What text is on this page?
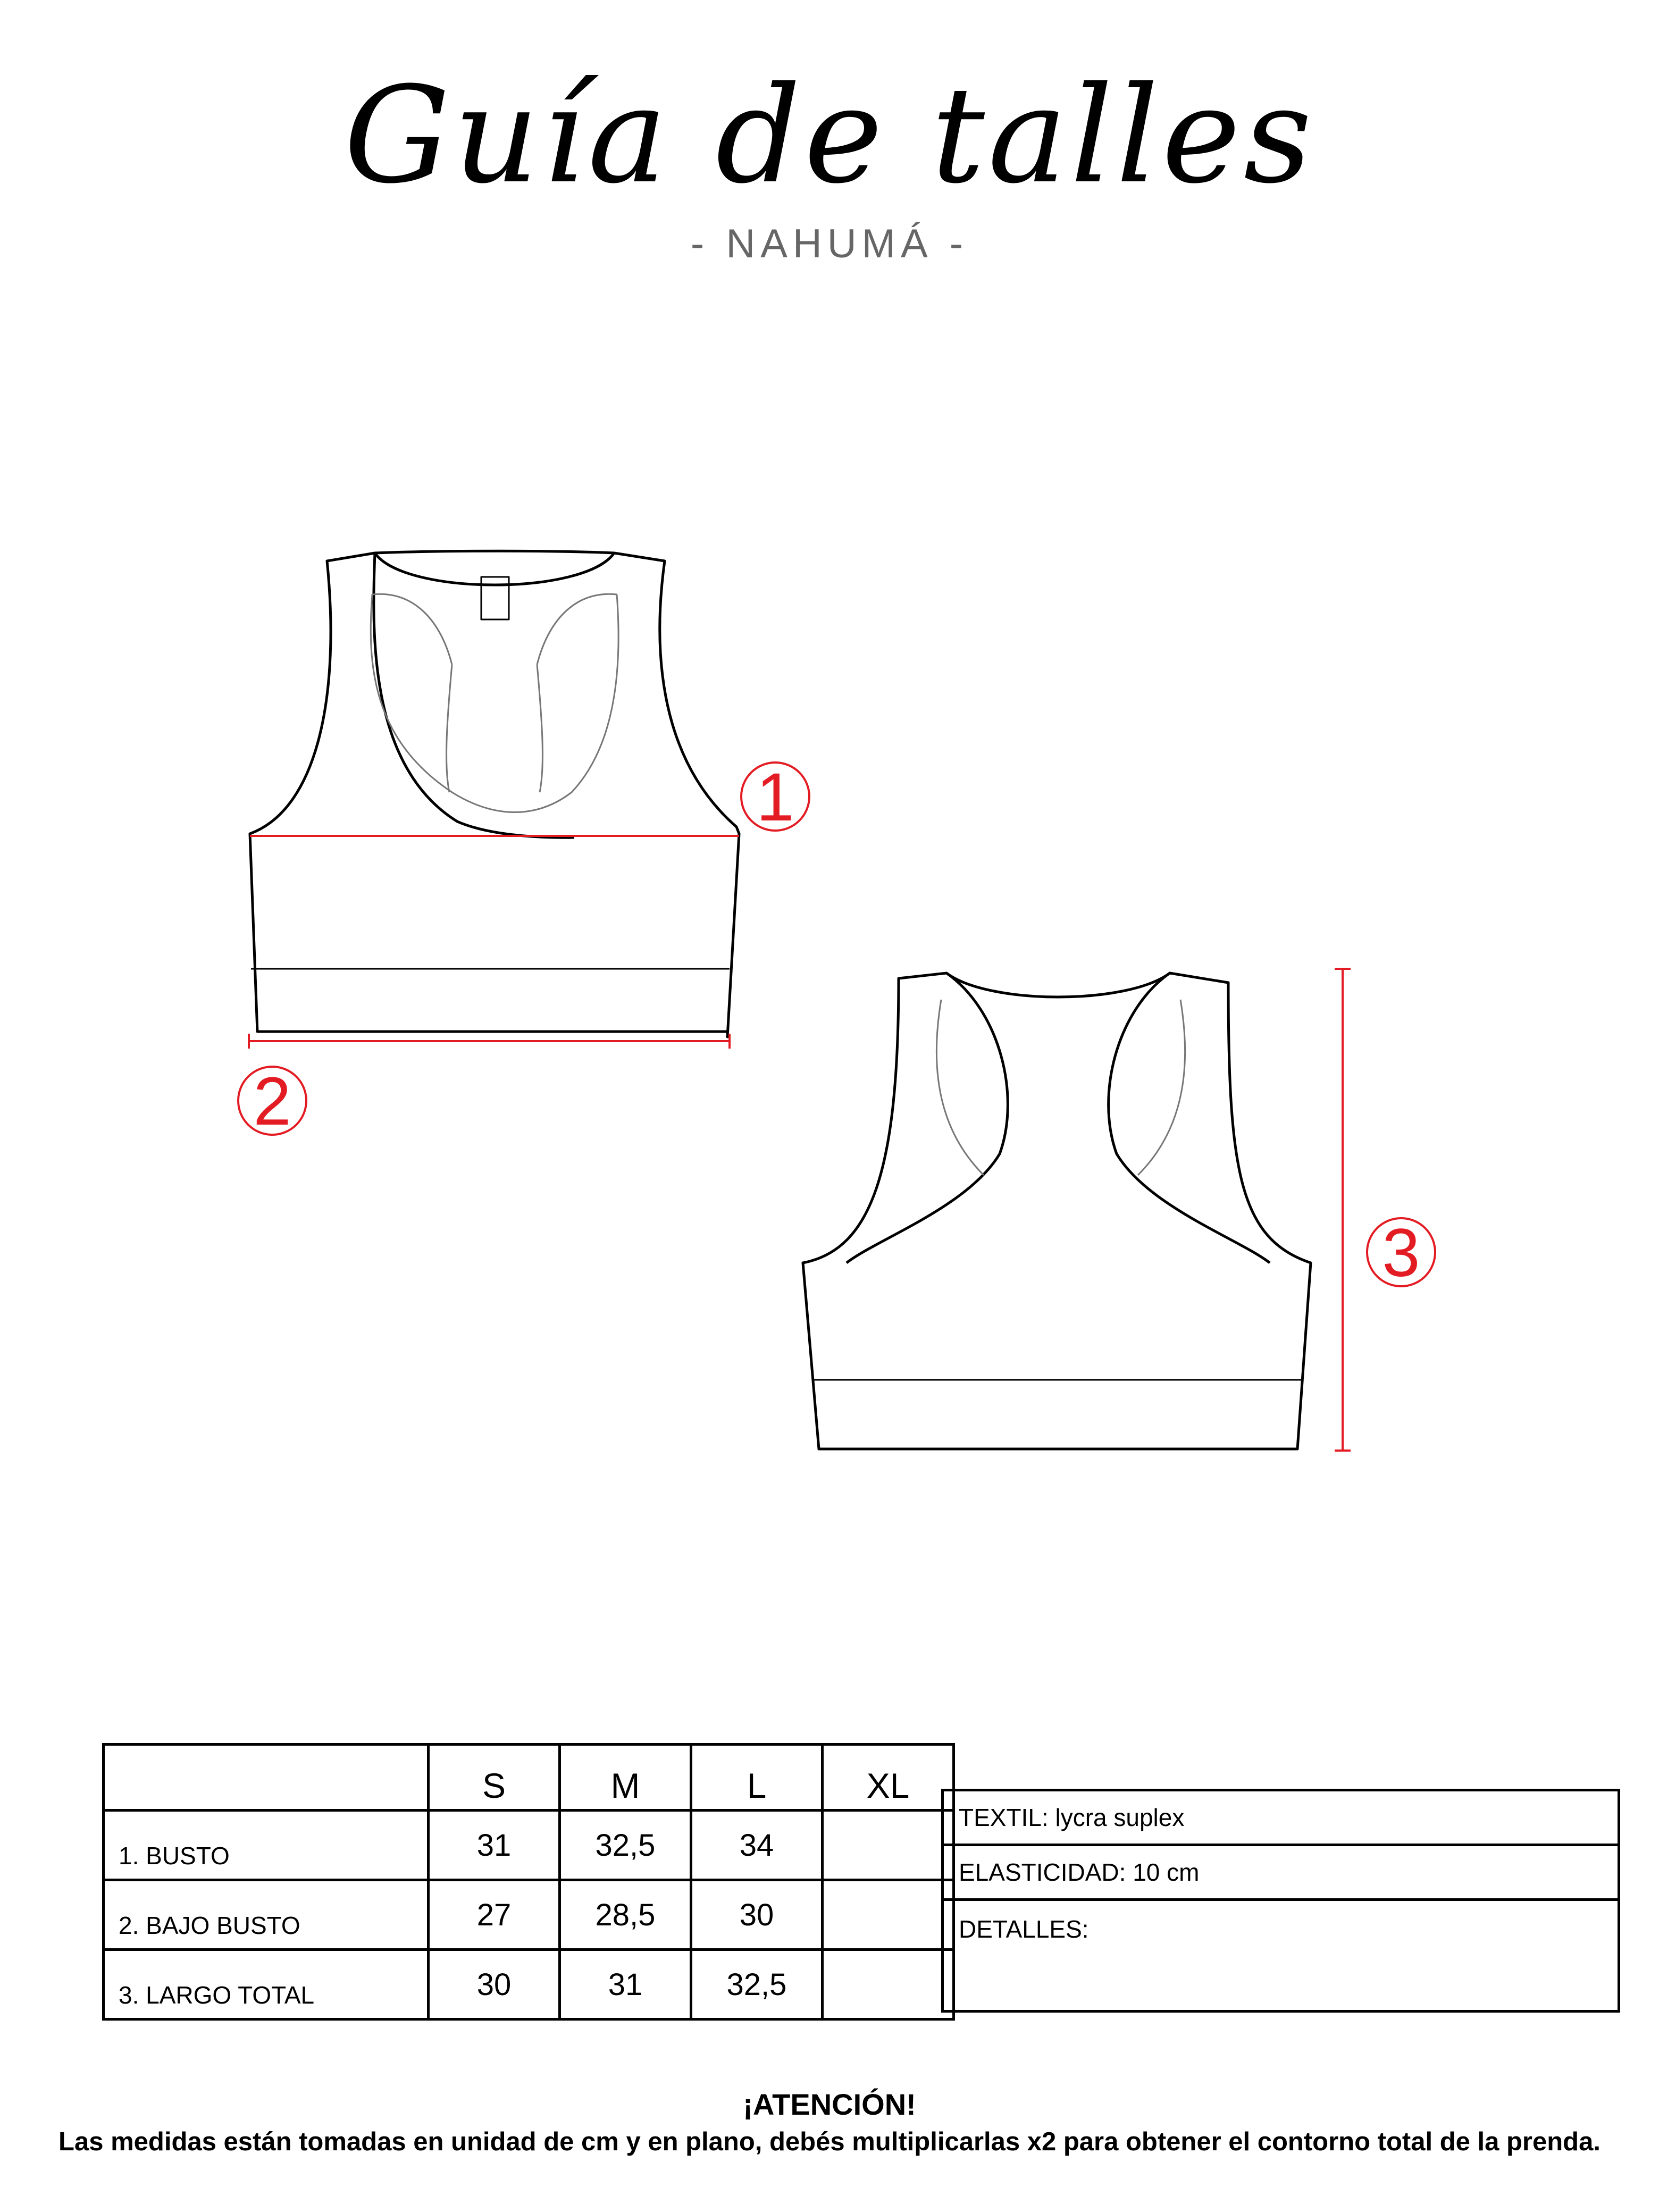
Guía de talles
- NAHUMÁ -
1
2
3
	S	M	L	XL
1. BUSTO	31	32,5	34	
2. BAJO BUSTO	27	28,5	30	
3. LARGO TOTAL	30	31	32,5	
TEXTIL: lycra suplex
ELASTICIDAD: 10 cm
DETALLES:
¡ATENCIÓN!
Las medidas están tomadas en unidad de cm y en plano, debés multiplicarlas x2 para obtener el contorno total de la prenda.
